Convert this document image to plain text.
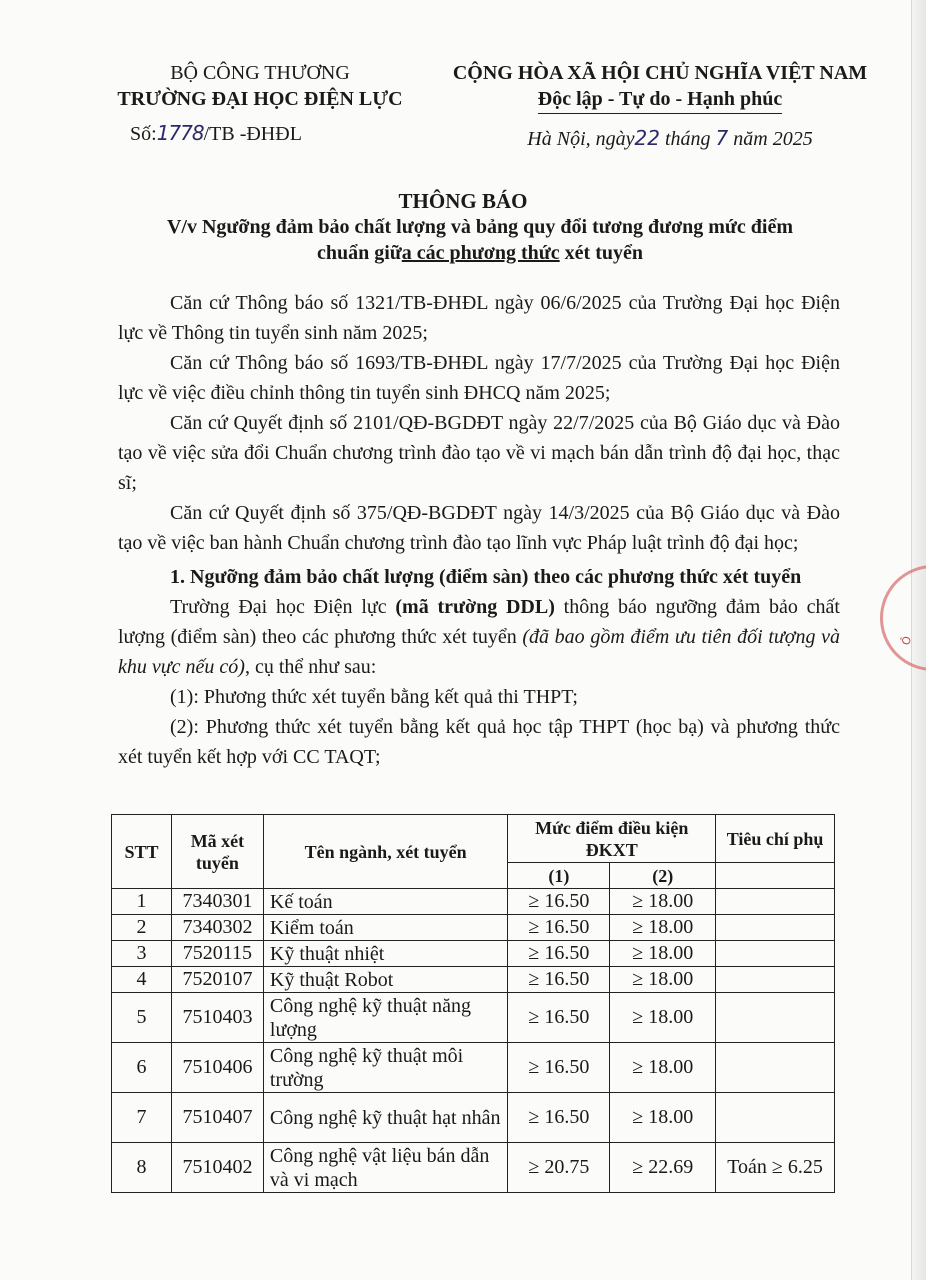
BỘ CÔNG THƯƠNG
TRƯỜNG ĐẠI HỌC ĐIỆN LỰC
Số:1778/TB -ĐHĐL
CỘNG HÒA XÃ HỘI CHỦ NGHĨA VIỆT NAM
Độc lập - Tự do - Hạnh phúc
Hà Nội, ngày22 tháng 7 năm 2025
THÔNG BÁO
V/v Ngưỡng đảm bảo chất lượng và bảng quy đổi tương đương mức điểm
chuẩn giữa các phương thức xét tuyển

Căn cứ Thông báo số 1321/TB-ĐHĐL ngày 06/6/2025 của Trường Đại học Điện lực về Thông tin tuyển sinh năm 2025;

Căn cứ Thông báo số 1693/TB-ĐHĐL ngày 17/7/2025 của Trường Đại học Điện lực về việc điều chỉnh thông tin tuyển sinh ĐHCQ năm 2025;

Căn cứ Quyết định số 2101/QĐ-BGDĐT ngày 22/7/2025 của Bộ Giáo dục và Đào tạo về việc sửa đổi Chuẩn chương trình đào tạo về vi mạch bán dẫn trình độ đại học, thạc sĩ;

Căn cứ Quyết định số 375/QĐ-BGDĐT ngày 14/3/2025 của Bộ Giáo dục và Đào tạo về việc ban hành Chuẩn chương trình đào tạo lĩnh vực Pháp luật trình độ đại học;

1. Ngưỡng đảm bảo chất lượng (điểm sàn) theo các phương thức xét tuyển

Trường Đại học Điện lực (mã trường DDL) thông báo ngưỡng đảm bảo chất lượng (điểm sàn) theo các phương thức xét tuyển (đã bao gồm điểm ưu tiên đối tượng và khu vực nếu có), cụ thể như sau:

(1): Phương thức xét tuyển bằng kết quả thi THPT;

(2): Phương thức xét tuyển bằng kết quả học tập THPT (học bạ) và phương thức xét tuyển kết hợp với CC TAQT;

Ô
STT	Mã xét tuyển	Tên ngành, xét tuyển	Mức điểm điều kiện ĐKXT		Tiêu chí phụ
			(1)	(2)	
1	7340301	Kế toán	≥ 16.50	≥ 18.00	
2	7340302	Kiểm toán	≥ 16.50	≥ 18.00	
3	7520115	Kỹ thuật nhiệt	≥ 16.50	≥ 18.00	
4	7520107	Kỹ thuật Robot	≥ 16.50	≥ 18.00	
5	7510403	Công nghệ kỹ thuật năng lượng	≥ 16.50	≥ 18.00	
6	7510406	Công nghệ kỹ thuật môi trường	≥ 16.50	≥ 18.00	
7	7510407	Công nghệ kỹ thuật hạt nhân	≥ 16.50	≥ 18.00	
8	7510402	Công nghệ vật liệu bán dẫn và vi mạch	≥ 20.75	≥ 22.69	Toán ≥ 6.25
